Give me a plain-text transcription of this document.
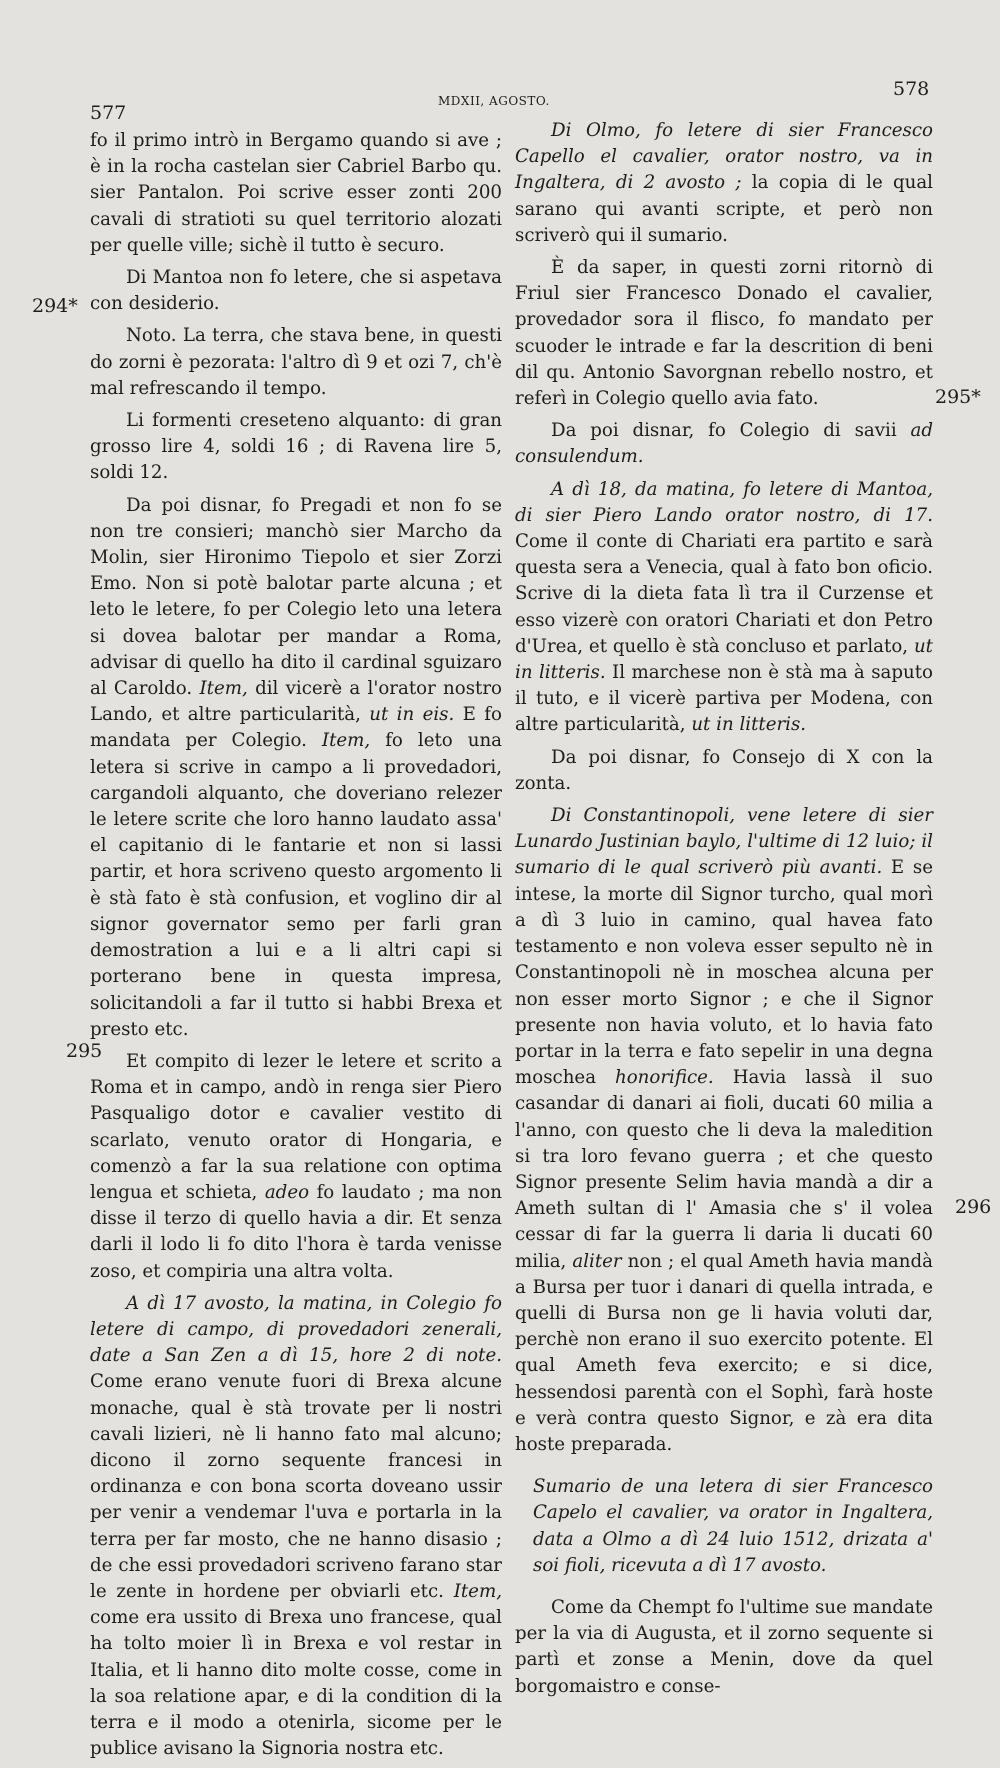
577
MDXII, AGOSTO.
578
294*
295*
295
296

fo il primo intrò in Bergamo quando si ave ; è in la rocha castelan sier Cabriel Barbo qu. sier Pantalon. Poi scrive esser zonti 200 cavali di stratioti su quel territorio alozati per quelle ville; sichè il tutto è securo.

Di Mantoa non fo letere, che si aspetava con desiderio.

Noto. La terra, che stava bene, in questi do zorni è pezorata: l'altro dì 9 et ozi 7, ch'è mal refrescando il tempo.

Li formenti creseteno alquanto: di gran grosso lire 4, soldi 16 ; di Ravena lire 5, soldi 12.

Da poi disnar, fo Pregadi et non fo se non tre consieri; manchò sier Marcho da Molin, sier Hironimo Tiepolo et sier Zorzi Emo. Non si potè balotar parte alcuna ; et leto le letere, fo per Colegio leto una letera si dovea balotar per mandar a Roma, advisar di quello ha dito il cardinal sguizaro al Caroldo. Item, dil vicerè a l'orator nostro Lando, et altre particularità, ut in eis. E fo mandata per Colegio. Item, fo leto una letera si scrive in campo a li provedadori, cargandoli alquanto, che doveriano relezer le letere scrite che loro hanno laudato assa' el capitanio di le fantarie et non si lassi partir, et hora scriveno questo argomento li è stà fato è stà confusion, et voglino dir al signor governator semo per farli gran demostration a lui e a li altri capi si porterano bene in questa impresa, solicitandoli a far il tutto si habbi Brexa et presto etc.

Et compito di lezer le letere et scrito a Roma et in campo, andò in renga sier Piero Pasqualigo dotor e cavalier vestito di scarlato, venuto orator di Hongaria, e comenzò a far la sua relatione con optima lengua et schieta, adeo fo laudato ; ma non disse il terzo di quello havia a dir. Et senza darli il lodo li fo dito l'hora è tarda venisse zoso, et compiria una altra volta.

A dì 17 avosto, la matina, in Colegio fo letere di campo, di provedadori zenerali, date a San Zen a dì 15, hore 2 di note. Come erano venute fuori di Brexa alcune monache, qual è stà trovate per li nostri cavali lizieri, nè li hanno fato mal alcuno; dicono il zorno sequente francesi in ordinanza e con bona scorta doveano ussir per venir a vendemar l'uva e portarla in la terra per far mosto, che ne hanno disasio ; de che essi provedadori scriveno farano star le zente in hordene per obviarli etc. Item, come era ussito di Brexa uno francese, qual ha tolto moier lì in Brexa e vol restar in Italia, et li hanno dito molte cosse, come in la soa relatione apar, e di la condition di la terra e il modo a otenirla, sicome per le publice avisano la Signoria nostra etc.

Di Olmo, fo letere di sier Francesco Capello el cavalier, orator nostro, va in Ingaltera, di 2 avosto ; la copia di le qual sarano qui avanti scripte, et però non scriverò qui il sumario.

È da saper, in questi zorni ritornò di Friul sier Francesco Donado el cavalier, provedador sora il flisco, fo mandato per scuoder le intrade e far la descrition di beni dil qu. Antonio Savorgnan rebello nostro, et referì in Colegio quello avia fato.

Da poi disnar, fo Colegio di savii ad consulendum.

A dì 18, da matina, fo letere di Mantoa, di sier Piero Lando orator nostro, di 17. Come il conte di Chariati era partito e sarà questa sera a Venecia, qual à fato bon oficio. Scrive di la dieta fata lì tra il Curzense et esso vizerè con oratori Chariati et don Petro d'Urea, et quello è stà concluso et parlato, ut in litteris. Il marchese non è stà ma à saputo il tuto, e il vicerè partiva per Modena, con altre particularità, ut in litteris.

Da poi disnar, fo Consejo di X con la zonta.

Di Constantinopoli, vene letere di sier Lunardo Justinian baylo, l'ultime di 12 luio; il sumario di le qual scriverò più avanti. E se intese, la morte dil Signor turcho, qual morì a dì 3 luio in camino, qual havea fato testamento e non voleva esser sepulto nè in Constantinopoli nè in moschea alcuna per non esser morto Signor ; e che il Signor presente non havia voluto, et lo havia fato portar in la terra e fato sepelir in una degna moschea honorifice. Havia lassà il suo casandar di danari ai fioli, ducati 60 milia a l'anno, con questo che li deva la maledition si tra loro fevano guerra ; et che questo Signor presente Selim havia mandà a dir a Ameth sultan di l' Amasia che s' il volea cessar di far la guerra li daria li ducati 60 milia, aliter non ; el qual Ameth havia mandà a Bursa per tuor i danari di quella intrada, e quelli di Bursa non ge li havia voluti dar, perchè non erano il suo exercito potente. El qual Ameth feva exercito; e si dice, hessendosi parentà con el Sophì, farà hoste e verà contra questo Signor, e zà era dita hoste preparada.

Sumario de una letera di sier Francesco Capelo el cavalier, va orator in Ingaltera, data a Olmo a dì 24 luio 1512, drizata a' soi fioli, ricevuta a dì 17 avosto.

Come da Chempt fo l'ultime sue mandate per la via di Augusta, et il zorno sequente si partì et zonse a Menin, dove da quel borgomaistro e conse-
